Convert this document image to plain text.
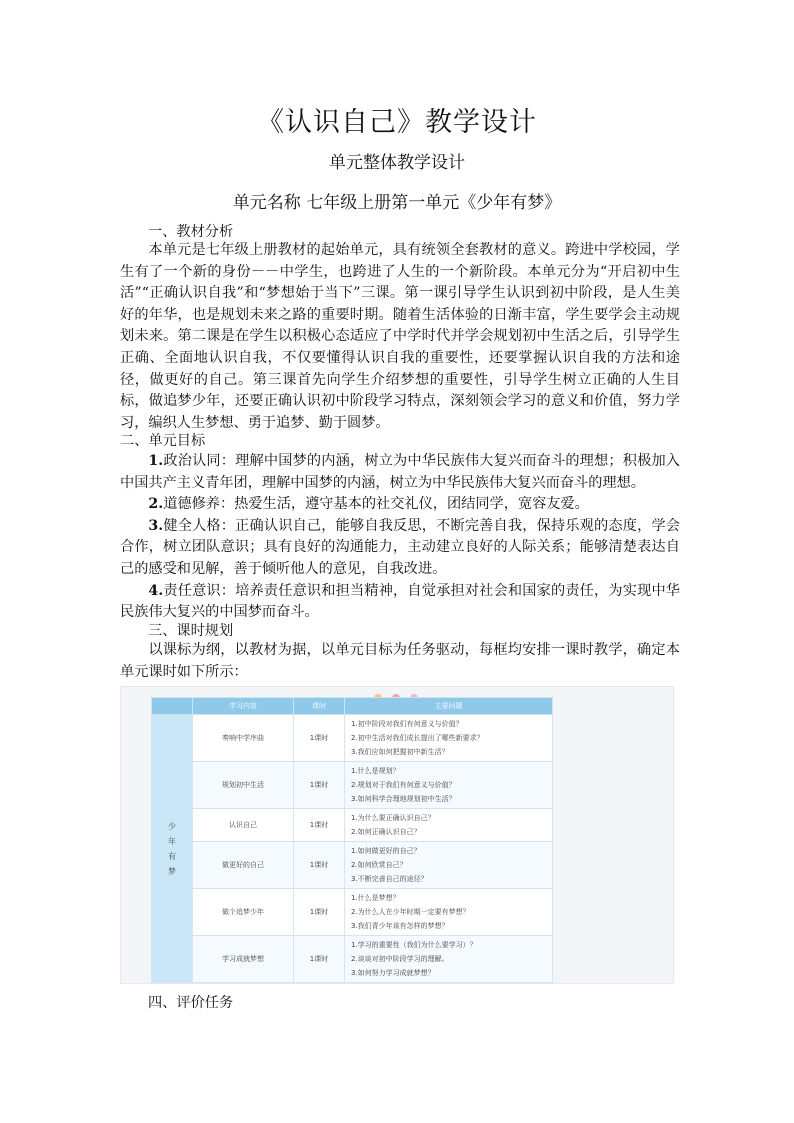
《认识自己》教学设计
单元整体教学设计
单元名称 七年级上册第一单元《少年有梦》
一、教材分析

本单元是七年级上册教材的起始单元，具有统领全套教材的意义。跨进中学校园，学生有了一个新的身份－－中学生，也跨进了人生的一个新阶段。本单元分为“开启初中生活”“正确认识自我”和“梦想始于当下”三课。第一课引导学生认识到初中阶段，是人生美好的年华，也是规划未来之路的重要时期。随着生活体验的日渐丰富，学生要学会主动规划未来。第二课是在学生以积极心态适应了中学时代并学会规划初中生活之后，引导学生正确、全面地认识自我，不仅要懂得认识自我的重要性，还要掌握认识自我的方法和途径，做更好的自己。第三课首先向学生介绍梦想的重要性，引导学生树立正确的人生目标，做追梦少年，还要正确认识初中阶段学习特点，深刻领会学习的意义和价值，努力学习，编织人生梦想、勇于追梦、勤于圆梦。

二、单元目标

1.政治认同：理解中国梦的内涵，树立为中华民族伟大复兴而奋斗的理想；积极加入中国共产主义青年团，理解中国梦的内涵，树立为中华民族伟大复兴而奋斗的理想。

2.道德修养：热爱生活，遵守基本的社交礼仪，团结同学，宽容友爱。

3.健全人格：正确认识自己，能够自我反思，不断完善自我，保持乐观的态度，学会合作，树立团队意识；具有良好的沟通能力，主动建立良好的人际关系；能够清楚表达自己的感受和见解，善于倾听他人的意见，自我改进。

4.责任意识：培养责任意识和担当精神，自觉承担对社会和国家的责任，为实现中华民族伟大复兴的中国梦而奋斗。

三、课时规划

以课标为纲，以教材为据，以单元目标为任务驱动，每框均安排一课时教学，确定本单元课时如下所示：

	学习内容	课时	主要问题

少年有梦	奏响中学序曲	1课时	1.初中阶段对我们有何意义与价值？
2.初中生活对我们成长提出了哪些新要求？
3.我们应如何把握初中新生活？

	规划初中生活	1课时	1.什么是规划？
2.规划对于我们有何意义与价值？
3.如何科学合理地规划初中生活？

	认识自己	1课时	1.为什么要正确认识自己？
2.如何正确认识自己？

	做更好的自己	1课时	1.如何做更好的自己？
2.如何欣赏自己？
3.不断完善自己的途径？

	做个追梦少年	1课时	1.什么是梦想？
2.为什么人在少年时期一定要有梦想？
3.我们青少年该有怎样的梦想？

	学习成就梦想	1课时	1.学习的重要性（我们为什么要学习）？
2.谈谈对初中阶段学习的理解。
3.如何努力学习成就梦想？
四、评价任务
